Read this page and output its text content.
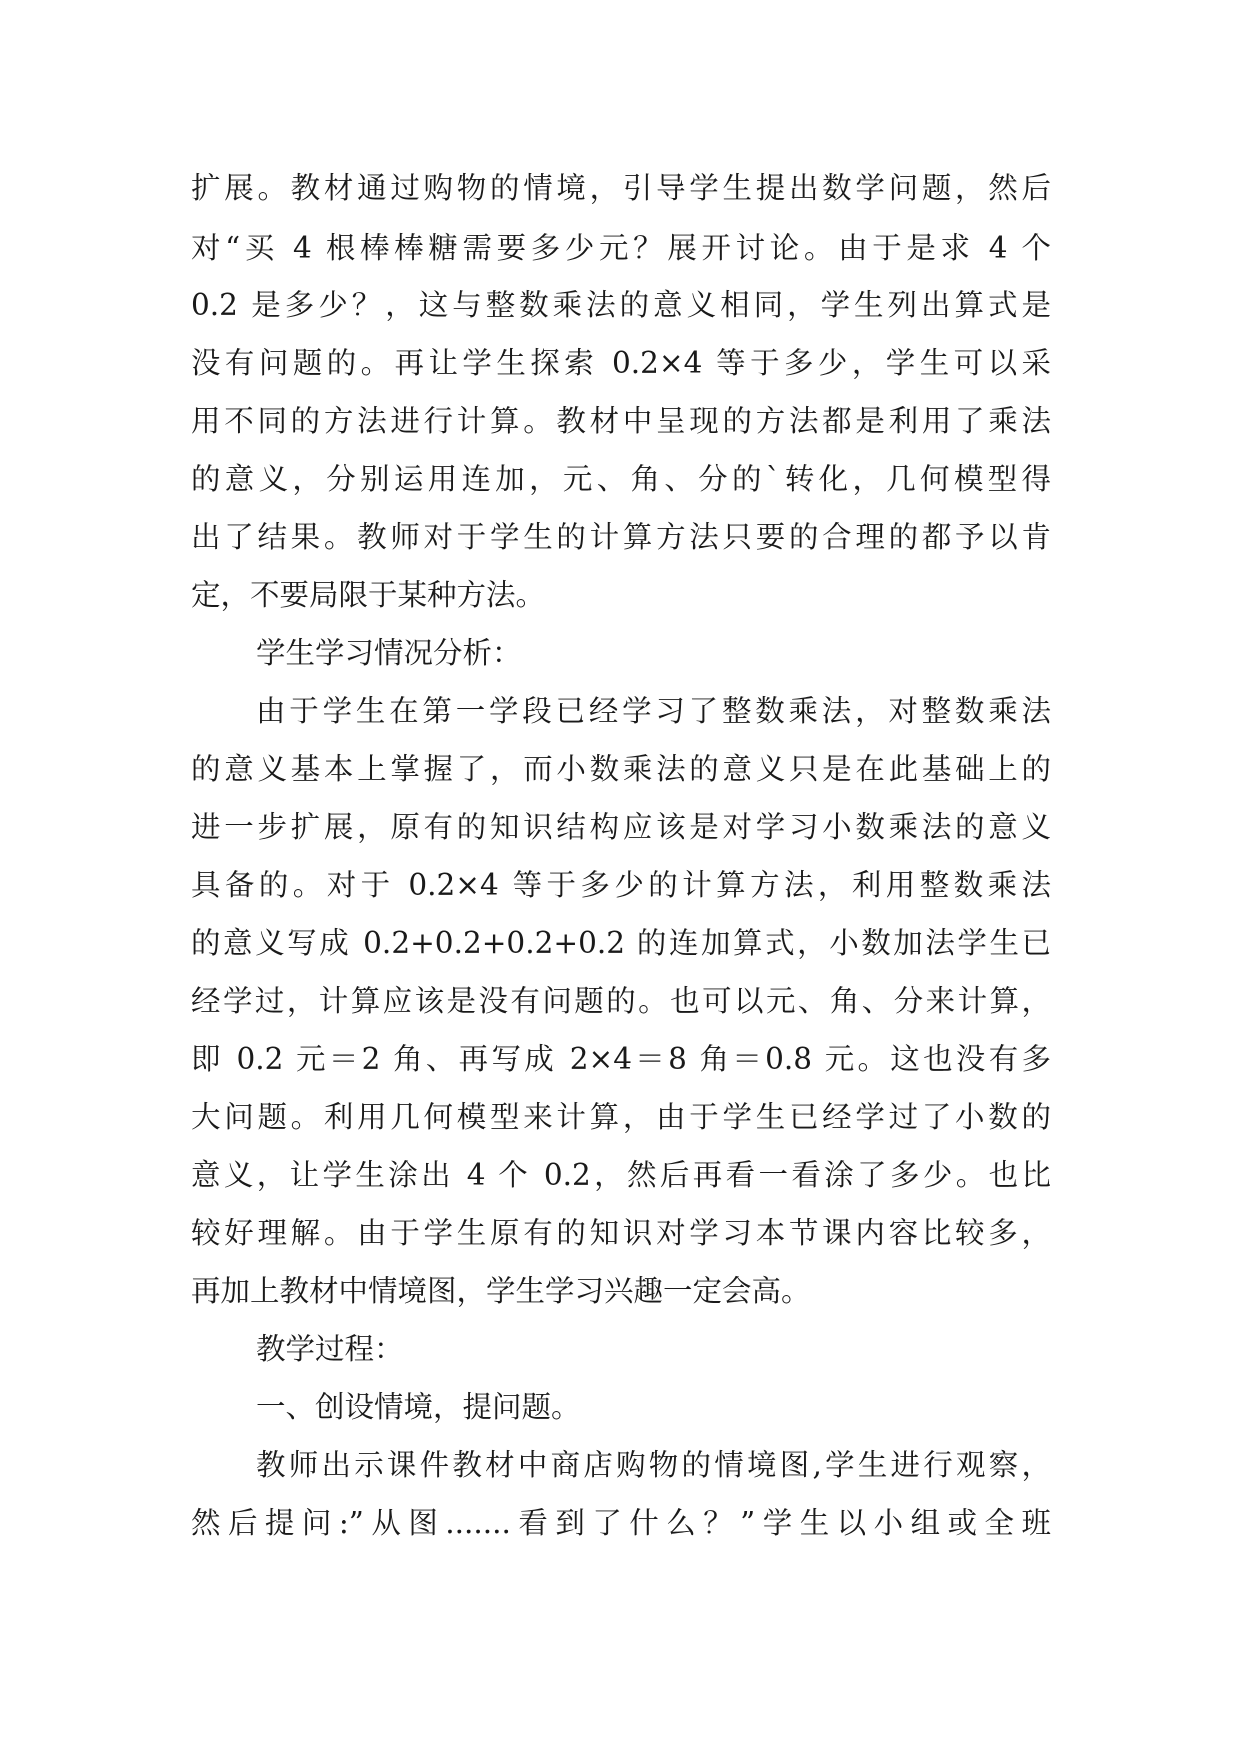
扩展。教材通过购物的情境，引导学生提出数学问题，然后
对“买 4 根棒棒糖需要多少元？展开讨论。由于是求 4 个
0.2 是多少？，这与整数乘法的意义相同，学生列出算式是
没有问题的。再让学生探索 0.2×4 等于多少，学生可以采
用不同的方法进行计算。教材中呈现的方法都是利用了乘法
的意义，分别运用连加，元、角、分的`转化，几何模型得
出了结果。教师对于学生的计算方法只要的合理的都予以肯
定，不要局限于某种方法。
学生学习情况分析：
由于学生在第一学段已经学习了整数乘法，对整数乘法
的意义基本上掌握了，而小数乘法的意义只是在此基础上的
进一步扩展，原有的知识结构应该是对学习小数乘法的意义
具备的。对于 0.2×4 等于多少的计算方法，利用整数乘法
的意义写成 0.2+0.2+0.2+0.2 的连加算式，小数加法学生已
经学过，计算应该是没有问题的。也可以元、角、分来计算，
即 0.2 元＝2 角、再写成 2×4＝8 角＝0.8 元。这也没有多
大问题。利用几何模型来计算，由于学生已经学过了小数的
意义，让学生涂出 4 个 0.2，然后再看一看涂了多少。也比
较好理解。由于学生原有的知识对学习本节课内容比较多，
再加上教材中情境图，学生学习兴趣一定会高。
教学过程：
一、创设情境，提问题。
教师出示课件教材中商店购物的情境图,学生进行观察，
然后提问:”从图.......看到了什么？”学生以小组或全班
